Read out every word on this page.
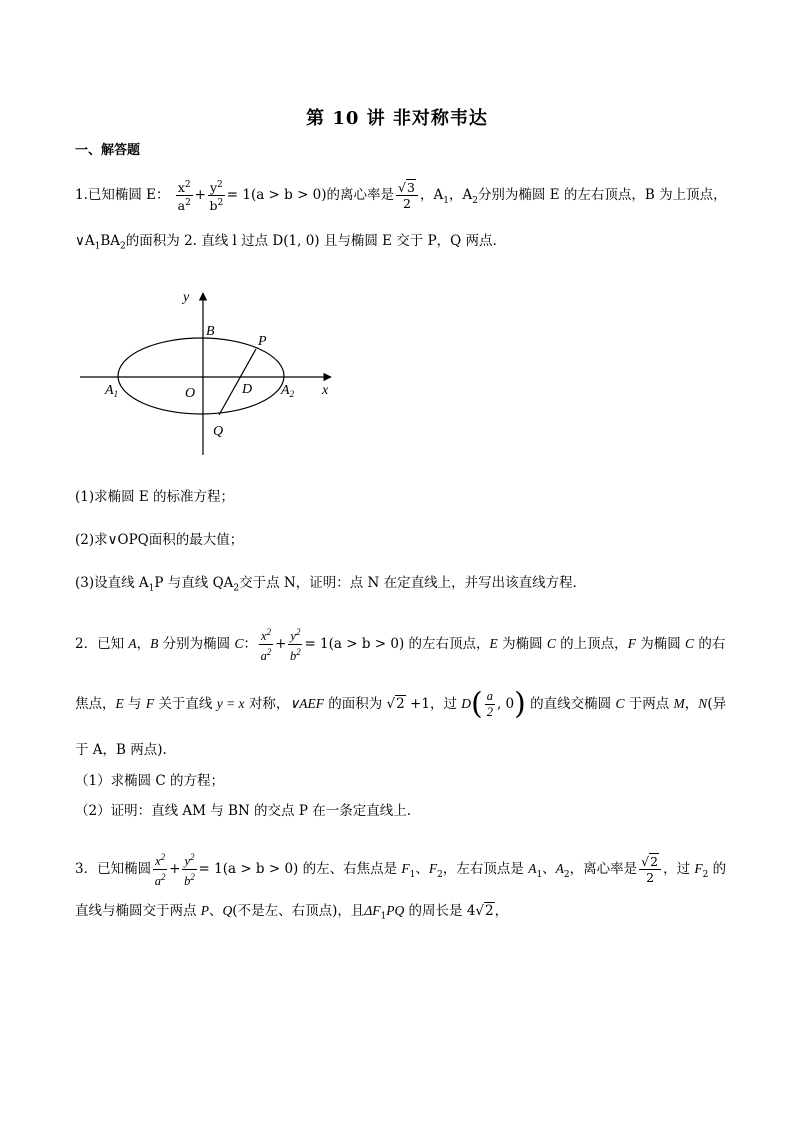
第 10 讲 非对称韦达
一、解答题
1.已知椭圆 E： $\frac{x^2}{a^2} + \frac{y^2}{b^2} = 1(a > b > 0)$的离心率是 $\frac{√3}{2}$ ，$A_1$，$A_2$分别为椭圆 E 的左右顶点，B 为上顶点，
$\vee A_1BA_2$的面积为 2. 直线 l 过点 D(1, 0) 且与椭圆 E 交于 P，Q 两点.
y
B
P
$A_1$	O	D $A_2$ x
Q
(1)求椭圆 E 的标准方程；
(2)求∨OPQ面积的最大值；
(3)设直线 $A_1P$ 与直线 $QA_2$交于点 N，证明：点 N 在定直线上，并写出该直线方程．
2．已知 A，B 分别为椭圆 C： $\frac{x^2}{a^2} + \frac{y^2}{b^2} = 1(a > b > 0)$ 的左右顶点，E 为椭圆 C 的上顶点，F 为椭圆 C 的右
焦点，E 与 F 关于直线 y = x 对称，∨AEF 的面积为 √2 +1，过 $D( \frac{a}{2}$ , 0) 的直线交椭圆 C 于两点 M，N(异
于 A，B 两点).
（1）求椭圆 C 的方程；
（2）证明：直线 AM 与 BN 的交点 P 在一条定直线上.
3．已知椭圆 $\frac{x^2}{a^2} + \frac{y^2}{b^2} = 1(a > b > 0)$ 的左、右焦点是 $F_1$、$F_2$，左右顶点是 $A_1$、$A_2$，离心率是 $\frac{√2}{2}$ ，过 $F_2$ 的
直线与椭圆交于两点 P、Q(不是左、右顶点)，且$\Delta F_1PQ$ 的周长是 4√2，
